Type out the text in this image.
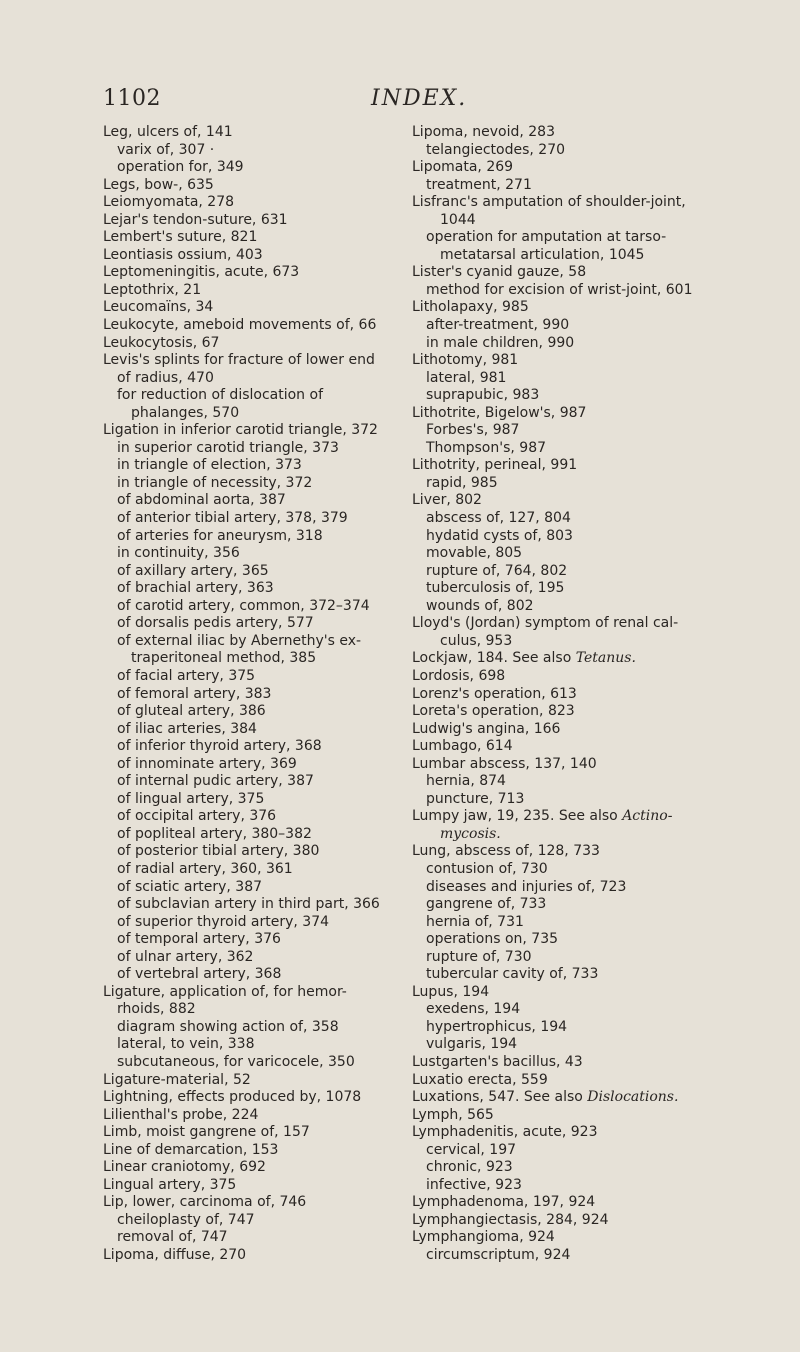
1102	INDEX.
Leg, ulcers of, 141
varix of, 307 ·
operation for, 349
Legs, bow-, 635
Leiomyomata, 278
Lejar's tendon-suture, 631
Lembert's suture, 821
Leontiasis ossium, 403
Leptomeningitis, acute, 673
Leptothrix, 21
Leucomaïns, 34
Leukocyte, ameboid movements of, 66
Leukocytosis, 67
Levis's splints for fracture of lower end
of radius, 470
for reduction of dislocation of
phalanges, 570
Ligation in inferior carotid triangle, 372
in superior carotid triangle, 373
in triangle of election, 373
in triangle of necessity, 372
of abdominal aorta, 387
of anterior tibial artery, 378, 379
of arteries for aneurysm, 318
in continuity, 356
of axillary artery, 365
of brachial artery, 363
of carotid artery, common, 372–374
of dorsalis pedis artery, 577
of external iliac by Abernethy's ex-
traperitoneal method, 385
of facial artery, 375
of femoral artery, 383
of gluteal artery, 386
of iliac arteries, 384
of inferior thyroid artery, 368
of innominate artery, 369
of internal pudic artery, 387
of lingual artery, 375
of occipital artery, 376
of popliteal artery, 380–382
of posterior tibial artery, 380
of radial artery, 360, 361
of sciatic artery, 387
of subclavian artery in third part, 366
of superior thyroid artery, 374
of temporal artery, 376
of ulnar artery, 362
of vertebral artery, 368
Ligature, application of, for hemor-
rhoids, 882
diagram showing action of, 358
lateral, to vein, 338
subcutaneous, for varicocele, 350
Ligature-material, 52
Lightning, effects produced by, 1078
Lilienthal's probe, 224
Limb, moist gangrene of, 157
Line of demarcation, 153
Linear craniotomy, 692
Lingual artery, 375
Lip, lower, carcinoma of, 746
cheiloplasty of, 747
removal of, 747
Lipoma, diffuse, 270
Lipoma, nevoid, 283
telangiectodes, 270
Lipomata, 269
treatment, 271
Lisfranc's amputation of shoulder-joint,
1044
operation for amputation at tarso-
metatarsal articulation, 1045
Lister's cyanid gauze, 58
method for excision of wrist-joint, 601
Litholapaxy, 985
after-treatment, 990
in male children, 990
Lithotomy, 981
lateral, 981
suprapubic, 983
Lithotrite, Bigelow's, 987
Forbes's, 987
Thompson's, 987
Lithotrity, perineal, 991
rapid, 985
Liver, 802
abscess of, 127, 804
hydatid cysts of, 803
movable, 805
rupture of, 764, 802
tuberculosis of, 195
wounds of, 802
Lloyd's (Jordan) symptom of renal cal-
culus, 953
Lockjaw, 184. See also Tetanus.
Lordosis, 698
Lorenz's operation, 613
Loreta's operation, 823
Ludwig's angina, 166
Lumbago, 614
Lumbar abscess, 137, 140
hernia, 874
puncture, 713
Lumpy jaw, 19, 235. See also Actino-
mycosis.
Lung, abscess of, 128, 733
contusion of, 730
diseases and injuries of, 723
gangrene of, 733
hernia of, 731
operations on, 735
rupture of, 730
tubercular cavity of, 733
Lupus, 194
exedens, 194
hypertrophicus, 194
vulgaris, 194
Lustgarten's bacillus, 43
Luxatio erecta, 559
Luxations, 547. See also Dislocations.
Lymph, 565
Lymphadenitis, acute, 923
cervical, 197
chronic, 923
infective, 923
Lymphadenoma, 197, 924
Lymphangiectasis, 284, 924
Lymphangioma, 924
circumscriptum, 924
